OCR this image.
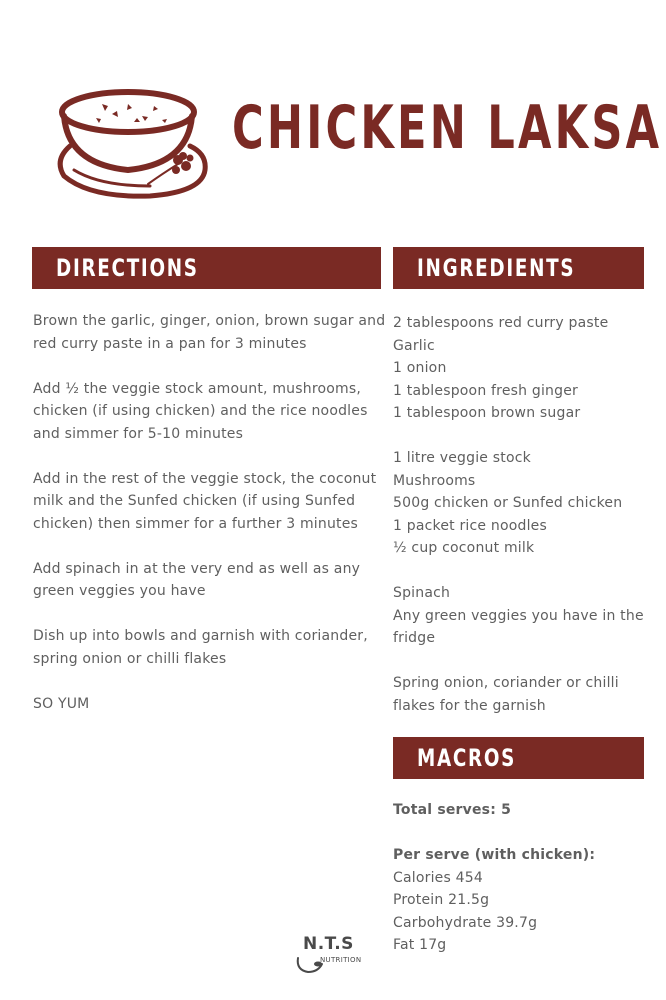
CHICKEN LAKSA
DIRECTIONS
Brown the garlic, ginger, onion, brown sugar and
red curry paste in a pan for 3 minutes
Add ½ the veggie stock amount, mushrooms,
chicken (if using chicken) and the rice noodles
and simmer for 5-10 minutes
Add in the rest of the veggie stock, the coconut
milk and the Sunfed chicken (if using Sunfed
chicken) then simmer for a further 3 minutes
Add spinach in at the very end as well as any
green veggies you have
Dish up into bowls and garnish with coriander,
spring onion or chilli flakes
SO YUM
INGREDIENTS
2 tablespoons red curry paste
Garlic
1 onion
1 tablespoon fresh ginger
1 tablespoon brown sugar
1 litre veggie stock
Mushrooms
500g chicken or Sunfed chicken
1 packet rice noodles
½ cup coconut milk
Spinach
Any green veggies you have in the
fridge
Spring onion, coriander or chilli
flakes for the garnish
MACROS
Total serves: 5
Per serve (with chicken):
Calories 454
Protein 21.5g
Carbohydrate 39.7g
Fat 17g
N.T.S
NUTRITION
